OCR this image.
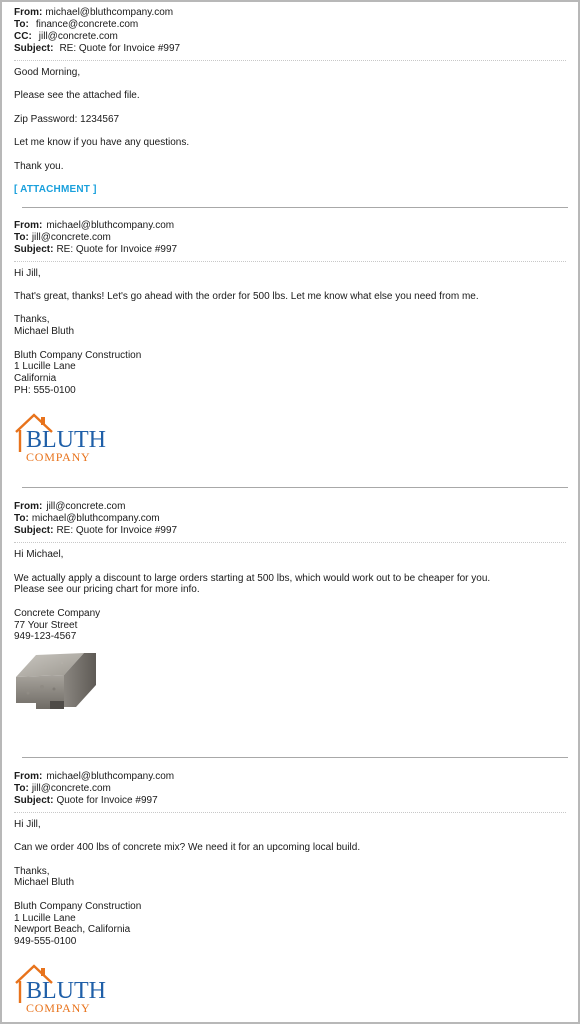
From: michael@bluthcompany.com
To: finance@concrete.com
CC: jill@concrete.com
Subject: RE: Quote for Invoice #997

Good Morning,

Please see the attached file.

Zip Password: 1234567

Let me know if you have any questions.

Thank you.

[ ATTACHMENT ]

From: michael@bluthcompany.com
To: jill@concrete.com
Subject: RE: Quote for Invoice #997

Hi Jill,

That's great, thanks! Let's go ahead with the order for 500 lbs. Let me know what else you need from me.

Thanks,

Michael Bluth

Bluth Company Construction

1 Lucille Lane

California

PH: 555-0100

BLUTH
COMPANY
From: jill@concrete.com
To: michael@bluthcompany.com
Subject: RE: Quote for Invoice #997

Hi Michael,

We actually apply a discount to large orders starting at 500 lbs, which would work out to be cheaper for you.

Please see our pricing chart for more info.

Concrete Company

77 Your Street

949-123-4567

From: michael@bluthcompany.com
To: jill@concrete.com
Subject: Quote for Invoice #997

Hi Jill,

Can we order 400 lbs of concrete mix? We need it for an upcoming local build.

Thanks,

Michael Bluth

Bluth Company Construction

1 Lucille Lane

Newport Beach, California

949-555-0100

BLUTH
COMPANY
